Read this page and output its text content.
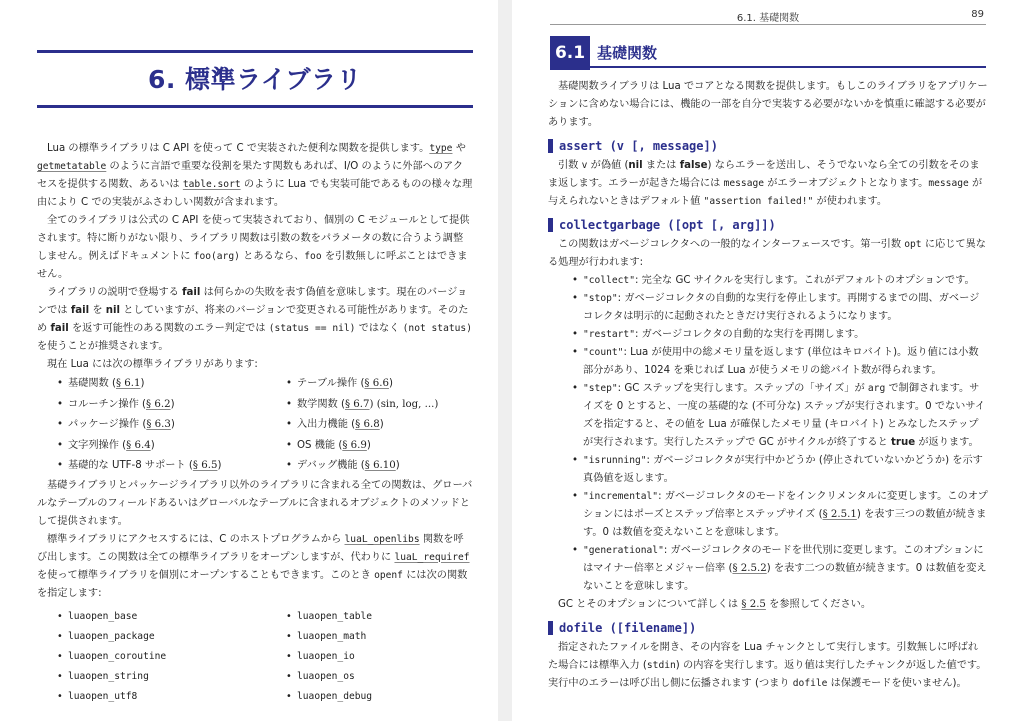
6. 標準ライブラリ

Lua の標準ライブラリは C API を使って C で実装された便利な関数を提供します。type や getmetatable のように言語で重要な役割を果たす関数もあれば、I/O のように外部へのアクセスを提供する関数、あるいは table.sort のように Lua でも実装可能であるものの様々な理由により C での実装がふさわしい関数が含まれます。

全てのライブラリは公式の C API を使って実装されており、個別の C モジュールとして提供されます。特に断りがない限り、ライブラリ関数は引数の数をパラメータの数に合うよう調整しません。例えばドキュメントに foo(arg) とあるなら、foo を引数無しに呼ぶことはできません。

ライブラリの説明で登場する fail は何らかの失敗を表す偽値を意味します。現在のバージョンでは fail を nil としていますが、将来のバージョンで変更される可能性があります。そのため fail を返す可能性のある関数のエラー判定では (status == nil) ではなく (not status) を使うことが推奨されます。

現在 Lua には次の標準ライブラリがあります:

• 基礎関数 (§ 6.1)	• テーブル操作 (§ 6.6)
• コルーチン操作 (§ 6.2)	• 数学関数 (§ 6.7) (sin, log, ...)
• パッケージ操作 (§ 6.3)	• 入出力機能 (§ 6.8)
• 文字列操作 (§ 6.4)	• OS 機能 (§ 6.9)
• 基礎的な UTF-8 サポート (§ 6.5)	• デバッグ機能 (§ 6.10)

基礎ライブラリとパッケージライブラリ以外のライブラリに含まれる全ての関数は、グローバルなテーブルのフィールドあるいはグローバルなテーブルに含まれるオブジェクトのメソッドとして提供されます。

標準ライブラリにアクセスするには、C のホストプログラムから luaL_openlibs 関数を呼び出します。この関数は全ての標準ライブラリをオープンしますが、代わりに luaL_requiref を使って標準ライブラリを個別にオープンすることもできます。このとき openf には次の関数を指定します:

• luaopen_base	• luaopen_table
• luaopen_package	• luaopen_math
• luaopen_coroutine	• luaopen_io
• luaopen_string	• luaopen_os
• luaopen_utf8	• luaopen_debug
6.1. 基礎関数	89
6.1 基礎関数

基礎関数ライブラリは Lua でコアとなる関数を提供します。もしこのライブラリをアプリケーションに含めない場合には、機能の一部を自分で実装する必要がないかを慎重に確認する必要があります。

assert (v [, message])

引数 v が偽値 (nil または false) ならエラーを送出し、そうでないなら全ての引数をそのまま返します。エラーが起きた場合には message がエラーオブジェクトとなります。message が与えられないときはデフォルト値 "assertion failed!" が使われます。

collectgarbage ([opt [, arg]])

この関数はガベージコレクタへの一般的なインターフェースです。第一引数 opt に応じて異なる処理が行われます:

• "collect": 完全な GC サイクルを実行します。これがデフォルトのオプションです。
• "stop": ガベージコレクタの自動的な実行を停止します。再開するまでの間、ガベージコレクタは明示的に起動されたときだけ実行されるようになります。
• "restart": ガベージコレクタの自動的な実行を再開します。
• "count": Lua が使用中の総メモリ量を返します (単位はキロバイト)。返り値には小数部分があり、1024 を乗じれば Lua が使うメモリの総バイト数が得られます。
• "step": GC ステップを実行します。ステップの「サイズ」が arg で制御されます。サイズを 0 とすると、一度の基礎的な (不可分な) ステップが実行されます。0 でないサイズを指定すると、その値を Lua が確保したメモリ量 (キロバイト) とみなしたステップが実行されます。実行したステップで GC がサイクルが終了すると true が返ります。
• "isrunning": ガベージコレクタが実行中かどうか (停止されていないかどうか) を示す真偽値を返します。
• "incremental": ガベージコレクタのモードをインクリメンタルに変更します。このオプションにはポーズとステップ倍率とステップサイズ (§ 2.5.1) を表す三つの数値が続きます。0 は数値を変えないことを意味します。
• "generational": ガベージコレクタのモードを世代別に変更します。このオプションにはマイナー倍率とメジャー倍率 (§ 2.5.2) を表す二つの数値が続きます。0 は数値を変えないことを意味します。

GC とそのオプションについて詳しくは § 2.5 を参照してください。

dofile ([filename])

指定されたファイルを開き、その内容を Lua チャンクとして実行します。引数無しに呼ばれた場合には標準入力 (stdin) の内容を実行します。返り値は実行したチャンクが返した値です。実行中のエラーは呼び出し側に伝播されます (つまり dofile は保護モードを使いません)。
